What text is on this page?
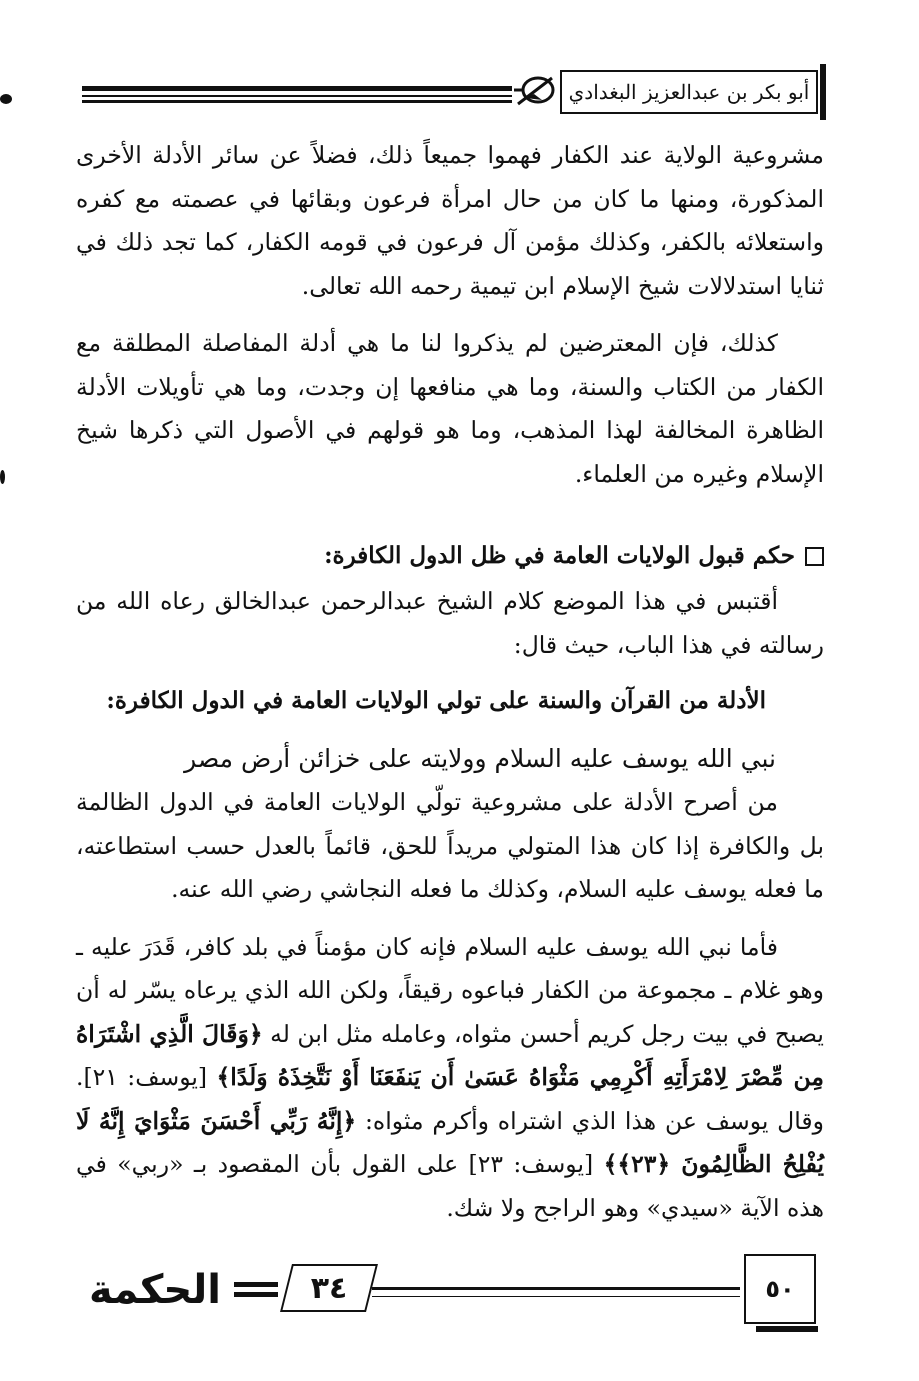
أبو بكر بن عبدالعزيز البغدادي

مشروعية الولاية عند الكفار فهموا جميعاً ذلك، فضلاً عن سائر الأدلة الأخرى المذكورة، ومنها ما كان من حال امرأة فرعون وبقائها في عصمته مع كفره واستعلائه بالكفر، وكذلك مؤمن آل فرعون في قومه الكفار، كما تجد ذلك في ثنايا استدلالات شيخ الإسلام ابن تيمية رحمه الله تعالى.

كذلك، فإن المعترضين لم يذكروا لنا ما هي أدلة المفاصلة المطلقة مع الكفار من الكتاب والسنة، وما هي منافعها إن وجدت، وما هي تأويلات الأدلة الظاهرة المخالفة لهذا المذهب، وما هو قولهم في الأصول التي ذكرها شيخ الإسلام وغيره من العلماء.

حكم قبول الولايات العامة في ظل الدول الكافرة:

أقتبس في هذا الموضع كلام الشيخ عبدالرحمن عبدالخالق رعاه الله من رسالته في هذا الباب، حيث قال:

الأدلة من القرآن والسنة على تولي الولايات العامة في الدول الكافرة:

نبي الله يوسف عليه السلام وولايته على خزائن أرض مصر

من أصرح الأدلة على مشروعية تولّي الولايات العامة في الدول الظالمة بل والكافرة إذا كان هذا المتولي مريداً للحق، قائماً بالعدل حسب استطاعته، ما فعله يوسف عليه السلام، وكذلك ما فعله النجاشي رضي الله عنه.

فأما نبي الله يوسف عليه السلام فإنه كان مؤمناً في بلد كافر، قَدَرَ عليه ـ وهو غلام ـ مجموعة من الكفار فباعوه رقيقاً، ولكن الله الذي يرعاه يسّر له أن يصبح في بيت رجل كريم أحسن مثواه، وعامله مثل ابن له ﴿وَقَالَ الَّذِي اشْتَرَاهُ مِن مِّصْرَ لِامْرَأَتِهِ أَكْرِمِي مَثْوَاهُ عَسَىٰ أَن يَنفَعَنَا أَوْ نَتَّخِذَهُ وَلَدًا﴾ [يوسف: ٢١]. وقال يوسف عن هذا الذي اشتراه وأكرم مثواه: ﴿إِنَّهُ رَبِّي أَحْسَنَ مَثْوَايَ إِنَّهُ لَا يُفْلِحُ الظَّالِمُونَ ﴿٢٣﴾﴾ [يوسف: ٢٣] على القول بأن المقصود بـ «ربي» في هذه الآية «سيدي» وهو الراجح ولا شك.

الحكمة	٣٤	٥٠
